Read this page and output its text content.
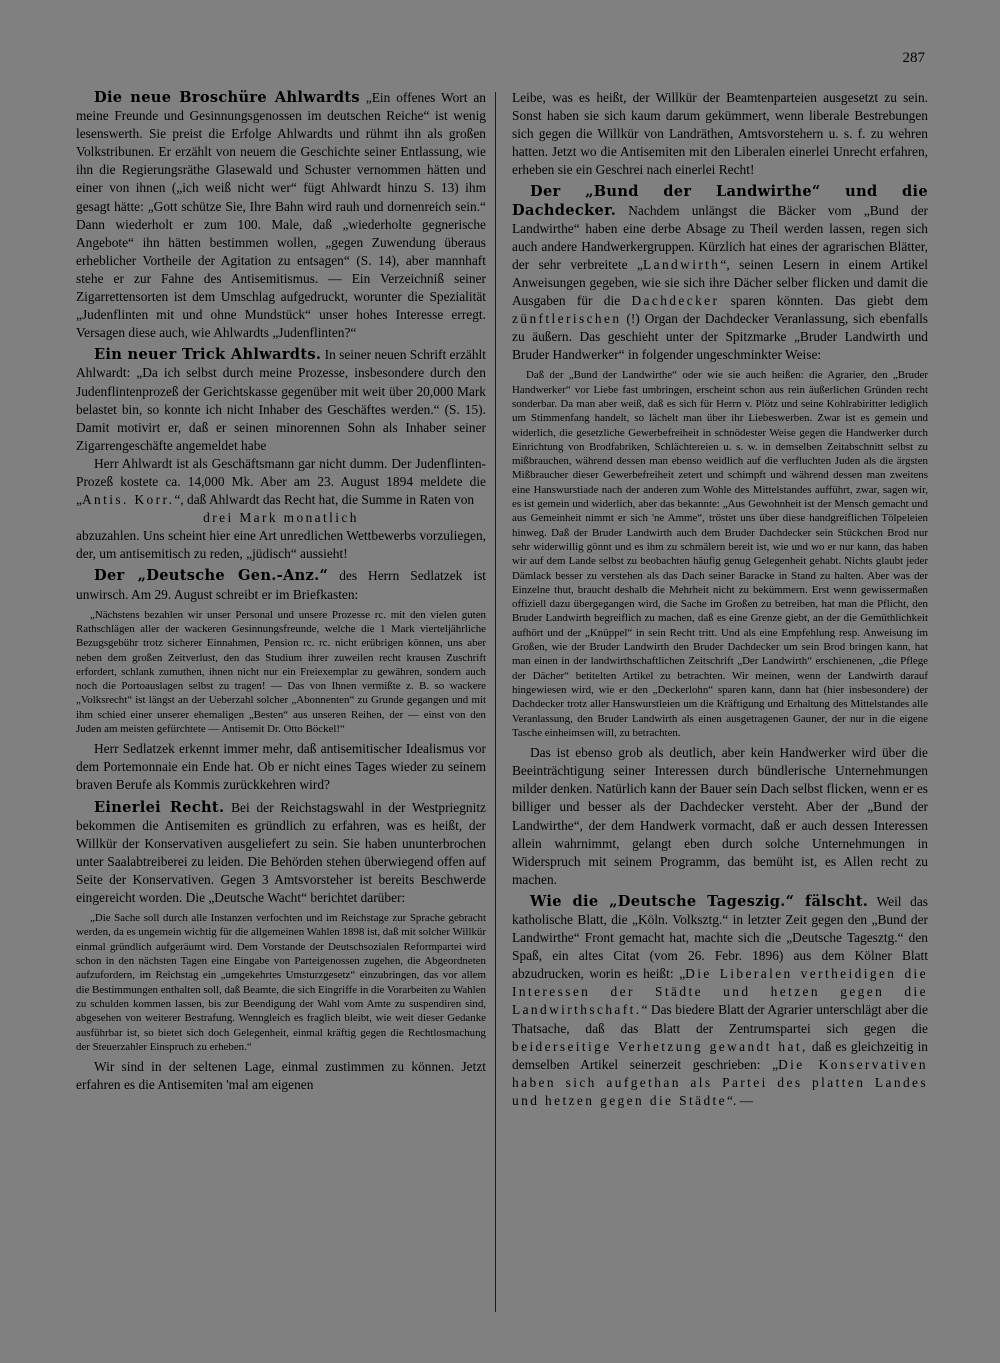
287

Die neue Broschüre Ahlwardts „Ein offenes Wort an meine Freunde und Gesinnungsgenossen im deutschen Reiche“ ist wenig lesenswerth. Sie preist die Erfolge Ahlwardts und rühmt ihn als großen Volkstribunen. Er erzählt von neuem die Geschichte seiner Entlassung, wie ihn die Regierungsräthe Glasewald und Schuster vernommen hätten und einer von ihnen („ich weiß nicht wer“ fügt Ahlwardt hinzu S. 13) ihm gesagt hätte: „Gott schütze Sie, Ihre Bahn wird rauh und dornenreich sein.“ Dann wiederholt er zum 100. Male, daß „wiederholte gegnerische Angebote“ ihn hätten bestimmen wollen, „gegen Zuwendung überaus erheblicher Vortheile der Agitation zu entsagen“ (S. 14), aber mannhaft stehe er zur Fahne des Antisemitismus. — Ein Verzeichniß seiner Zigarrettensorten ist dem Umschlag aufgedruckt, worunter die Spezialität „Judenflinten mit und ohne Mundstück“ unser hohes Interesse erregt. Versagen diese auch, wie Ahlwardts „Judenflinten?“

Ein neuer Trick Ahlwardts. In seiner neuen Schrift erzählt Ahlwardt: „Da ich selbst durch meine Prozesse, insbesondere durch den Judenflintenprozeß der Gerichtskasse gegenüber mit weit über 20,000 Mark belastet bin, so konnte ich nicht Inhaber des Geschäftes werden.“ (S. 15). Damit motivirt er, daß er seinen minorennen Sohn als Inhaber seiner Zigarrengeschäfte angemeldet habe

Herr Ahlwardt ist als Geschäftsmann gar nicht dumm. Der Judenflinten-Prozeß kostete ca. 14,000 Mk. Aber am 23. August 1894 meldete die „Antis. Korr.“, daß Ahlwardt das Recht hat, die Summe in Raten von

drei Mark monatlich

abzuzahlen. Uns scheint hier eine Art unredlichen Wettbewerbs vorzuliegen, der, um antisemitisch zu reden, „jüdisch“ aussieht!

Der „Deutsche Gen.-Anz.“ des Herrn Sedlatzek ist unwirsch. Am 29. August schreibt er im Briefkasten:

„Nächstens bezahlen wir unser Personal und unsere Prozesse rc. mit den vielen guten Rathschlägen aller der wackeren Gesinnungsfreunde, welche die 1 Mark vierteljährliche Bezugsgebühr trotz sicherer Einnahmen, Pension rc. rc. nicht erübrigen können, uns aber neben dem großen Zeitverlust, den das Studium ihrer zuweilen recht krausen Zuschrift erfordert, schlank zumuthen, ihnen nicht nur ein Freiexemplar zu gewähren, sondern auch noch die Portoauslagen selbst zu tragen! — Das von Ihnen vermißte z. B. so wackere „Volksrecht“ ist längst an der Ueberzahl solcher „Abonnenten“ zu Grunde gegangen und mit ihm schied einer unserer ehemaligen „Besten“ aus unseren Reihen, der — einst von den Juden am meisten gefürchtete — Antisemit Dr. Otto Böckel!“

Herr Sedlatzek erkennt immer mehr, daß antisemitischer Idealismus vor dem Portemonnaie ein Ende hat. Ob er nicht eines Tages wieder zu seinem braven Berufe als Kommis zurückkehren wird?

Einerlei Recht. Bei der Reichstagswahl in der Westpriegnitz bekommen die Antisemiten es gründlich zu erfahren, was es heißt, der Willkür der Konservativen ausgeliefert zu sein. Sie haben ununterbrochen unter Saalabtreiberei zu leiden. Die Behörden stehen überwiegend offen auf Seite der Konservativen. Gegen 3 Amtsvorsteher ist bereits Beschwerde eingereicht worden. Die „Deutsche Wacht“ berichtet darüber:

„Die Sache soll durch alle Instanzen verfochten und im Reichstage zur Sprache gebracht werden, da es ungemein wichtig für die allgemeinen Wahlen 1898 ist, daß mit solcher Willkür einmal gründlich aufgeräumt wird. Dem Vorstande der Deutschsozialen Reformpartei wird schon in den nächsten Tagen eine Eingabe von Parteigenossen zugehen, die Abgeordneten aufzufordern, im Reichstag ein „umgekehrtes Umsturzgesetz“ einzubringen, das vor allem die Bestimmungen enthalten soll, daß Beamte, die sich Eingriffe in die Vorarbeiten zu Wahlen zu schulden kommen lassen, bis zur Beendigung der Wahl vom Amte zu suspendiren sind, abgesehen von weiterer Bestrafung. Wenngleich es fraglich bleibt, wie weit dieser Gedanke ausführbar ist, so bietet sich doch Gelegenheit, einmal kräftig gegen die Rechtlosmachung der Steuerzahler Einspruch zu erheben.“

Wir sind in der seltenen Lage, einmal zustimmen zu können. Jetzt erfahren es die Antisemiten 'mal am eigenen

Leibe, was es heißt, der Willkür der Beamtenparteien ausgesetzt zu sein. Sonst haben sie sich kaum darum gekümmert, wenn liberale Bestrebungen sich gegen die Willkür von Landräthen, Amtsvorstehern u. s. f. zu wehren hatten. Jetzt wo die Antisemiten mit den Liberalen einerlei Unrecht erfahren, erheben sie ein Geschrei nach einerlei Recht!

Der „Bund der Landwirthe“ und die Dachdecker. Nachdem unlängst die Bäcker vom „Bund der Landwirthe“ haben eine derbe Absage zu Theil werden lassen, regen sich auch andere Handwerkergruppen. Kürzlich hat eines der agrarischen Blätter, der sehr verbreitete „Landwirth“, seinen Lesern in einem Artikel Anweisungen gegeben, wie sie sich ihre Dächer selber flicken und damit die Ausgaben für die Dachdecker sparen könnten. Das giebt dem zünftlerischen (!) Organ der Dachdecker Veranlassung, sich ebenfalls zu äußern. Das geschieht unter der Spitzmarke „Bruder Landwirth und Bruder Handwerker“ in folgender ungeschminkter Weise:

Daß der „Bund der Landwirthe“ oder wie sie auch heißen: die Agrarier, den „Bruder Handwerker“ vor Liebe fast umbringen, erscheint schon aus rein äußerlichen Gründen recht sonderbar. Da man aber weiß, daß es sich für Herrn v. Plötz und seine Kohlrabiritter lediglich um Stimmenfang handelt, so lächelt man über ihr Liebeswerben. Zwar ist es gemein und widerlich, die gesetzliche Gewerbefreiheit in schnödester Weise gegen die Handwerker durch Einrichtung von Brodfabriken, Schlächtereien u. s. w. in demselben Zeitabschnitt selbst zu mißbrauchen, während dessen man ebenso weidlich auf die verfluchten Juden als die ärgsten Mißbraucher dieser Gewerbefreiheit zetert und schimpft und während dessen man zweitens eine Hanswurstiade nach der anderen zum Wohle des Mittelstandes aufführt, zwar, sagen wir, es ist gemein und widerlich, aber das bekannte: „Aus Gewohnheit ist der Mensch gemacht und aus Gemeinheit nimmt er sich 'ne Amme“, tröstet uns über diese handgreiflichen Tölpeleien hinweg. Daß der Bruder Landwirth auch dem Bruder Dachdecker sein Stückchen Brod nur sehr widerwillig gönnt und es ihm zu schmälern bereit ist, wie und wo er nur kann, das haben wir auf dem Lande selbst zu beobachten häufig genug Gelegenheit gehabt. Nichts glaubt jeder Dämlack besser zu verstehen als das Dach seiner Baracke in Stand zu halten. Aber was der Einzelne thut, braucht deshalb die Mehrheit nicht zu bekümmern. Erst wenn gewissermaßen offiziell dazu übergegangen wird, die Sache im Großen zu betreiben, hat man die Pflicht, den Bruder Landwirth begreiflich zu machen, daß es eine Grenze giebt, an der die Gemüthlichkeit aufhört und der „Knüppel“ in sein Recht tritt. Und als eine Empfehlung resp. Anweisung im Großen, wie der Bruder Landwirth den Bruder Dachdecker um sein Brod bringen kann, hat man einen in der landwirthschaftlichen Zeitschrift „Der Landwirth“ erschienenen, „die Pflege der Dächer“ betitelten Artikel zu betrachten. Wir meinen, wenn der Landwirth darauf hingewiesen wird, wie er den „Deckerlohn“ sparen kann, dann hat (hier insbesondere) der Dachdecker trotz aller Hanswurstleien um die Kräftigung und Erhaltung des Mittelstandes alle Veranlassung, den Bruder Landwirth als einen ausgetragenen Gauner, der nur in die eigene Tasche einheimsen will, zu betrachten.

Das ist ebenso grob als deutlich, aber kein Handwerker wird über die Beeinträchtigung seiner Interessen durch bündlerische Unternehmungen milder denken. Natürlich kann der Bauer sein Dach selbst flicken, wenn er es billiger und besser als der Dachdecker versteht. Aber der „Bund der Landwirthe“, der dem Handwerk vormacht, daß er auch dessen Interessen allein wahrnimmt, gelangt eben durch solche Unternehmungen in Widerspruch mit seinem Programm, das bemüht ist, es Allen recht zu machen.

Wie die „Deutsche Tageszig.“ fälscht. Weil das katholische Blatt, die „Köln. Volksztg.“ in letzter Zeit gegen den „Bund der Landwirthe“ Front gemacht hat, machte sich die „Deutsche Tagesztg.“ den Spaß, ein altes Citat (vom 26. Febr. 1896) aus dem Kölner Blatt abzudrucken, worin es heißt: „Die Liberalen vertheidigen die Interessen der Städte und hetzen gegen die Landwirthschaft.“ Das biedere Blatt der Agrarier unterschlägt aber die Thatsache, daß das Blatt der Zentrumspartei sich gegen die beiderseitige Verhetzung gewandt hat, daß es gleichzeitig in demselben Artikel seinerzeit geschrieben: „Die Konservativen haben sich aufgethan als Partei des platten Landes und hetzen gegen die Städte“. —
